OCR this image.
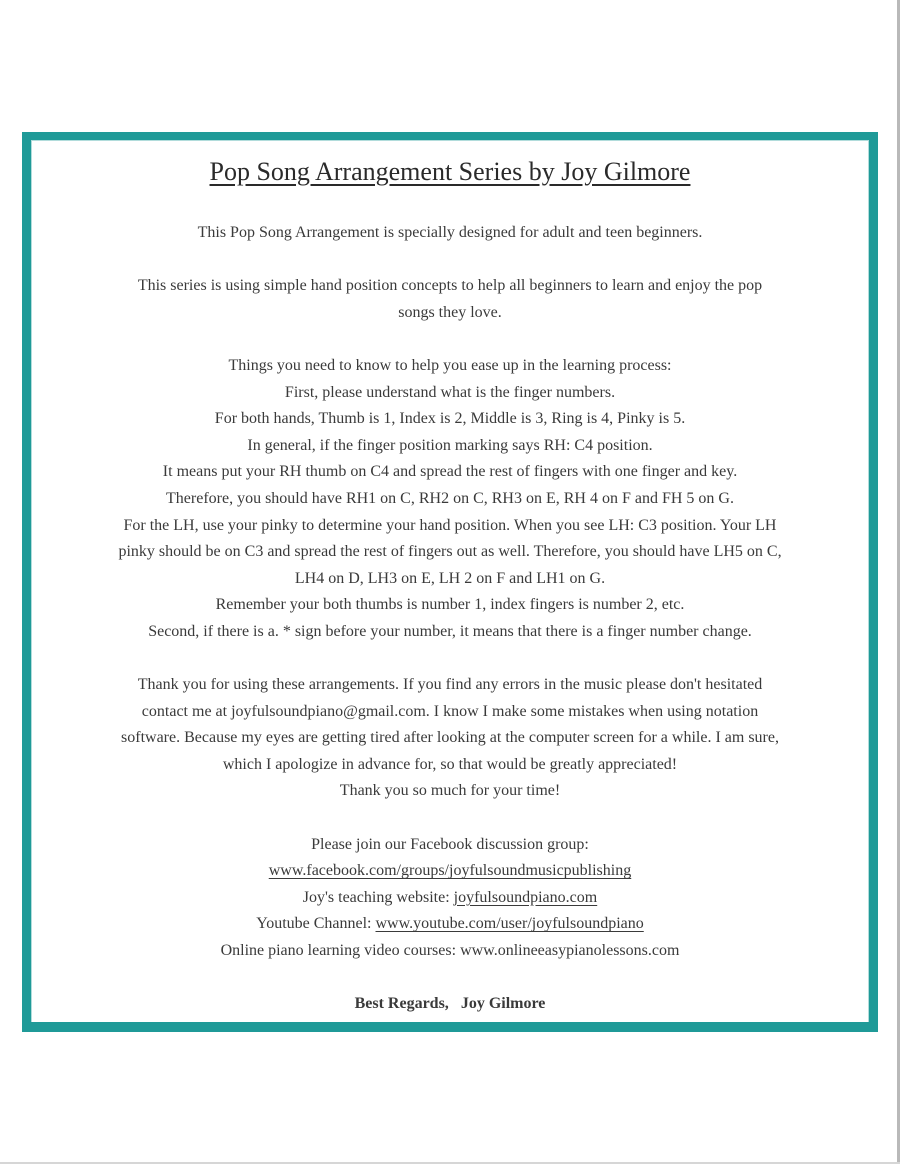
Pop Song Arrangement Series by Joy Gilmore

This Pop Song Arrangement is specially designed for adult and teen beginners.

This series is using simple hand position concepts to help all beginners to learn and enjoy the pop

songs they love.

Things you need to know to help you ease up in the learning process:

First, please understand what is the finger numbers.

For both hands, Thumb is 1, Index is 2, Middle is 3, Ring is 4, Pinky is 5.

In general, if the finger position marking says RH: C4 position.

It means put your RH thumb on C4 and spread the rest of fingers with one finger and key.

Therefore, you should have RH1 on C, RH2 on C, RH3 on E, RH 4 on F and FH 5 on G.

For the LH, use your pinky to determine your hand position. When you see LH: C3 position. Your LH

pinky should be on C3 and spread the rest of fingers out as well. Therefore, you should have LH5 on C,

LH4 on D, LH3 on E, LH 2 on F and LH1 on G.

Remember your both thumbs is number 1, index fingers is number 2, etc.

Second, if there is a. * sign before your number, it means that there is a finger number change.

Thank you for using these arrangements. If you find any errors in the music please don't hesitated

contact me at joyfulsoundpiano@gmail.com. I know I make some mistakes when using notation

software. Because my eyes are getting tired after looking at the computer screen for a while. I am sure,

which I apologize in advance for, so that would be greatly appreciated!

Thank you so much for your time!

Please join our Facebook discussion group:

www.facebook.com/groups/joyfulsoundmusicpublishing

Joy's teaching website: joyfulsoundpiano.com

Youtube Channel: www.youtube.com/user/joyfulsoundpiano

Online piano learning video courses: www.onlineeasypianolessons.com

Best Regards, Joy Gilmore
